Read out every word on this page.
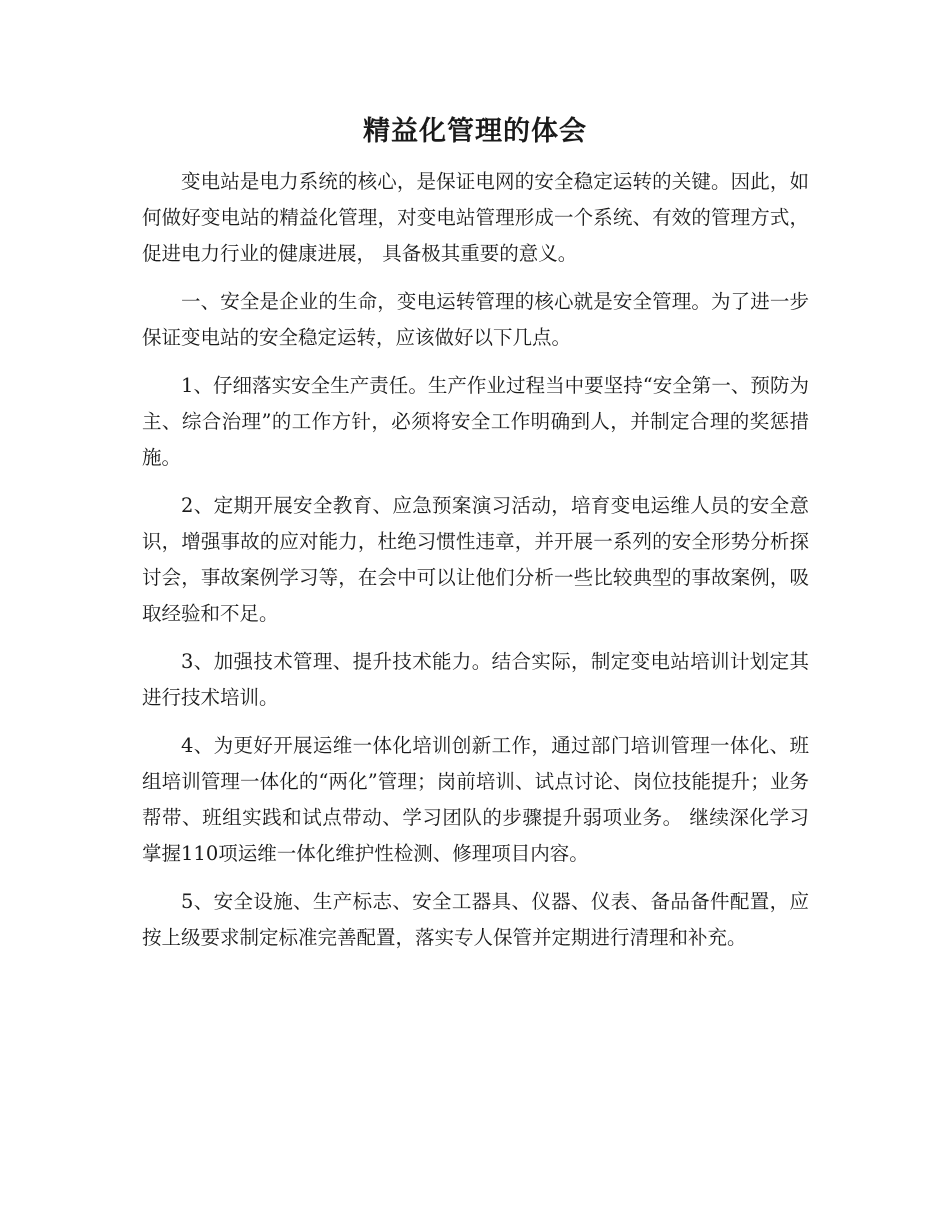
精益化管理的体会

变电站是电力系统的核心，是保证电网的安全稳定运转的关键。因此，如何做好变电站的精益化管理，对变电站管理形成一个系统、有效的管理方式，促进电力行业的健康进展， 具备极其重要的意义。

一、安全是企业的生命，变电运转管理的核心就是安全管理。为了进一步保证变电站的安全稳定运转，应该做好以下几点。

1、仔细落实安全生产责任。生产作业过程当中要坚持“安全第一、预防为主、综合治理”的工作方针，必须将安全工作明确到人，并制定合理的奖惩措施。

2、定期开展安全教育、应急预案演习活动，培育变电运维人员的安全意识，增强事故的应对能力，杜绝习惯性违章，并开展一系列的安全形势分析探讨会，事故案例学习等，在会中可以让他们分析一些比较典型的事故案例，吸取经验和不足。

3、加强技术管理、提升技术能力。结合实际，制定变电站培训计划定其进行技术培训。

4、为更好开展运维一体化培训创新工作，通过部门培训管理一体化、班组培训管理一体化的“两化”管理；岗前培训、试点讨论、岗位技能提升；业务帮带、班组实践和试点带动、学习团队的步骤提升弱项业务。 继续深化学习掌握110项运维一体化维护性检测、修理项目内容。

5、安全设施、生产标志、安全工器具、仪器、仪表、备品备件配置，应按上级要求制定标准完善配置，落实专人保管并定期进行清理和补充。
